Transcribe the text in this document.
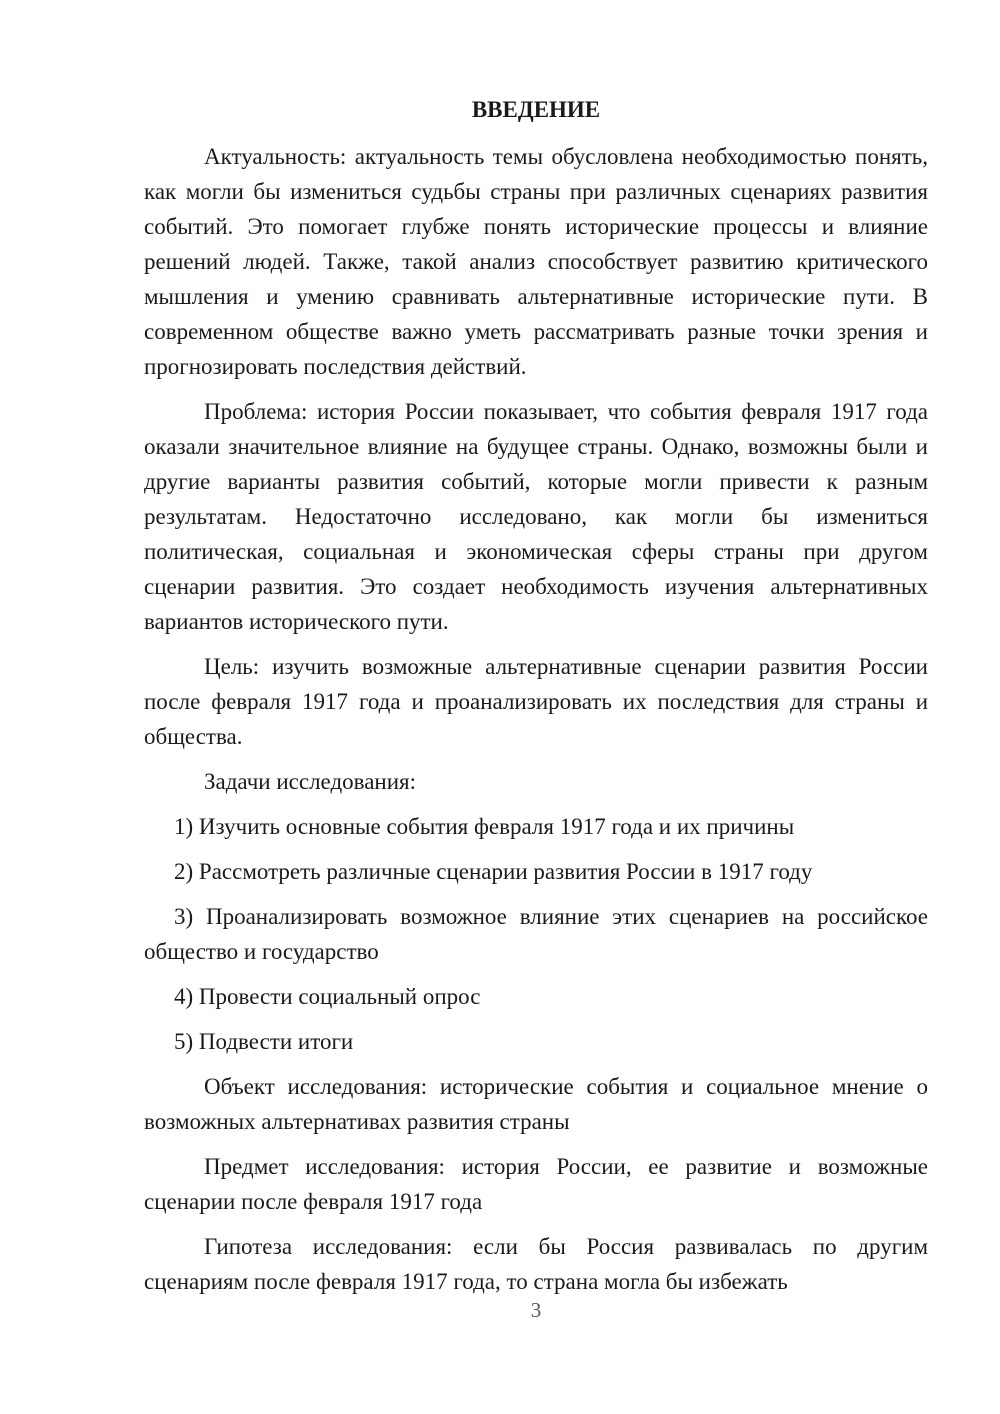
ВВЕДЕНИЕ

Актуальность: актуальность темы обусловлена необходимостью понять, как могли бы измениться судьбы страны при различных сценариях развития событий. Это помогает глубже понять исторические процессы и влияние решений людей. Также, такой анализ способствует развитию критического мышления и умению сравнивать альтернативные исторические пути. В современном обществе важно уметь рассматривать разные точки зрения и прогнозировать последствия действий.

Проблема: история России показывает, что события февраля 1917 года оказали значительное влияние на будущее страны. Однако, возможны были и другие варианты развития событий, которые могли привести к разным результатам. Недостаточно исследовано, как могли бы измениться политическая, социальная и экономическая сферы страны при другом сценарии развития. Это создает необходимость изучения альтернативных вариантов исторического пути.

Цель: изучить возможные альтернативные сценарии развития России после февраля 1917 года и проанализировать их последствия для страны и общества.

Задачи исследования:

1) Изучить основные события февраля 1917 года и их причины

2) Рассмотреть различные сценарии развития России в 1917 году

3) Проанализировать возможное влияние этих сценариев на российское общество и государство

4) Провести социальный опрос

5) Подвести итоги

Объект исследования: исторические события и социальное мнение о возможных альтернативах развития страны

Предмет исследования: история России, ее развитие и возможные сценарии после февраля 1917 года

Гипотеза исследования: если бы Россия развивалась по другим сценариям после февраля 1917 года, то страна могла бы избежать

3
